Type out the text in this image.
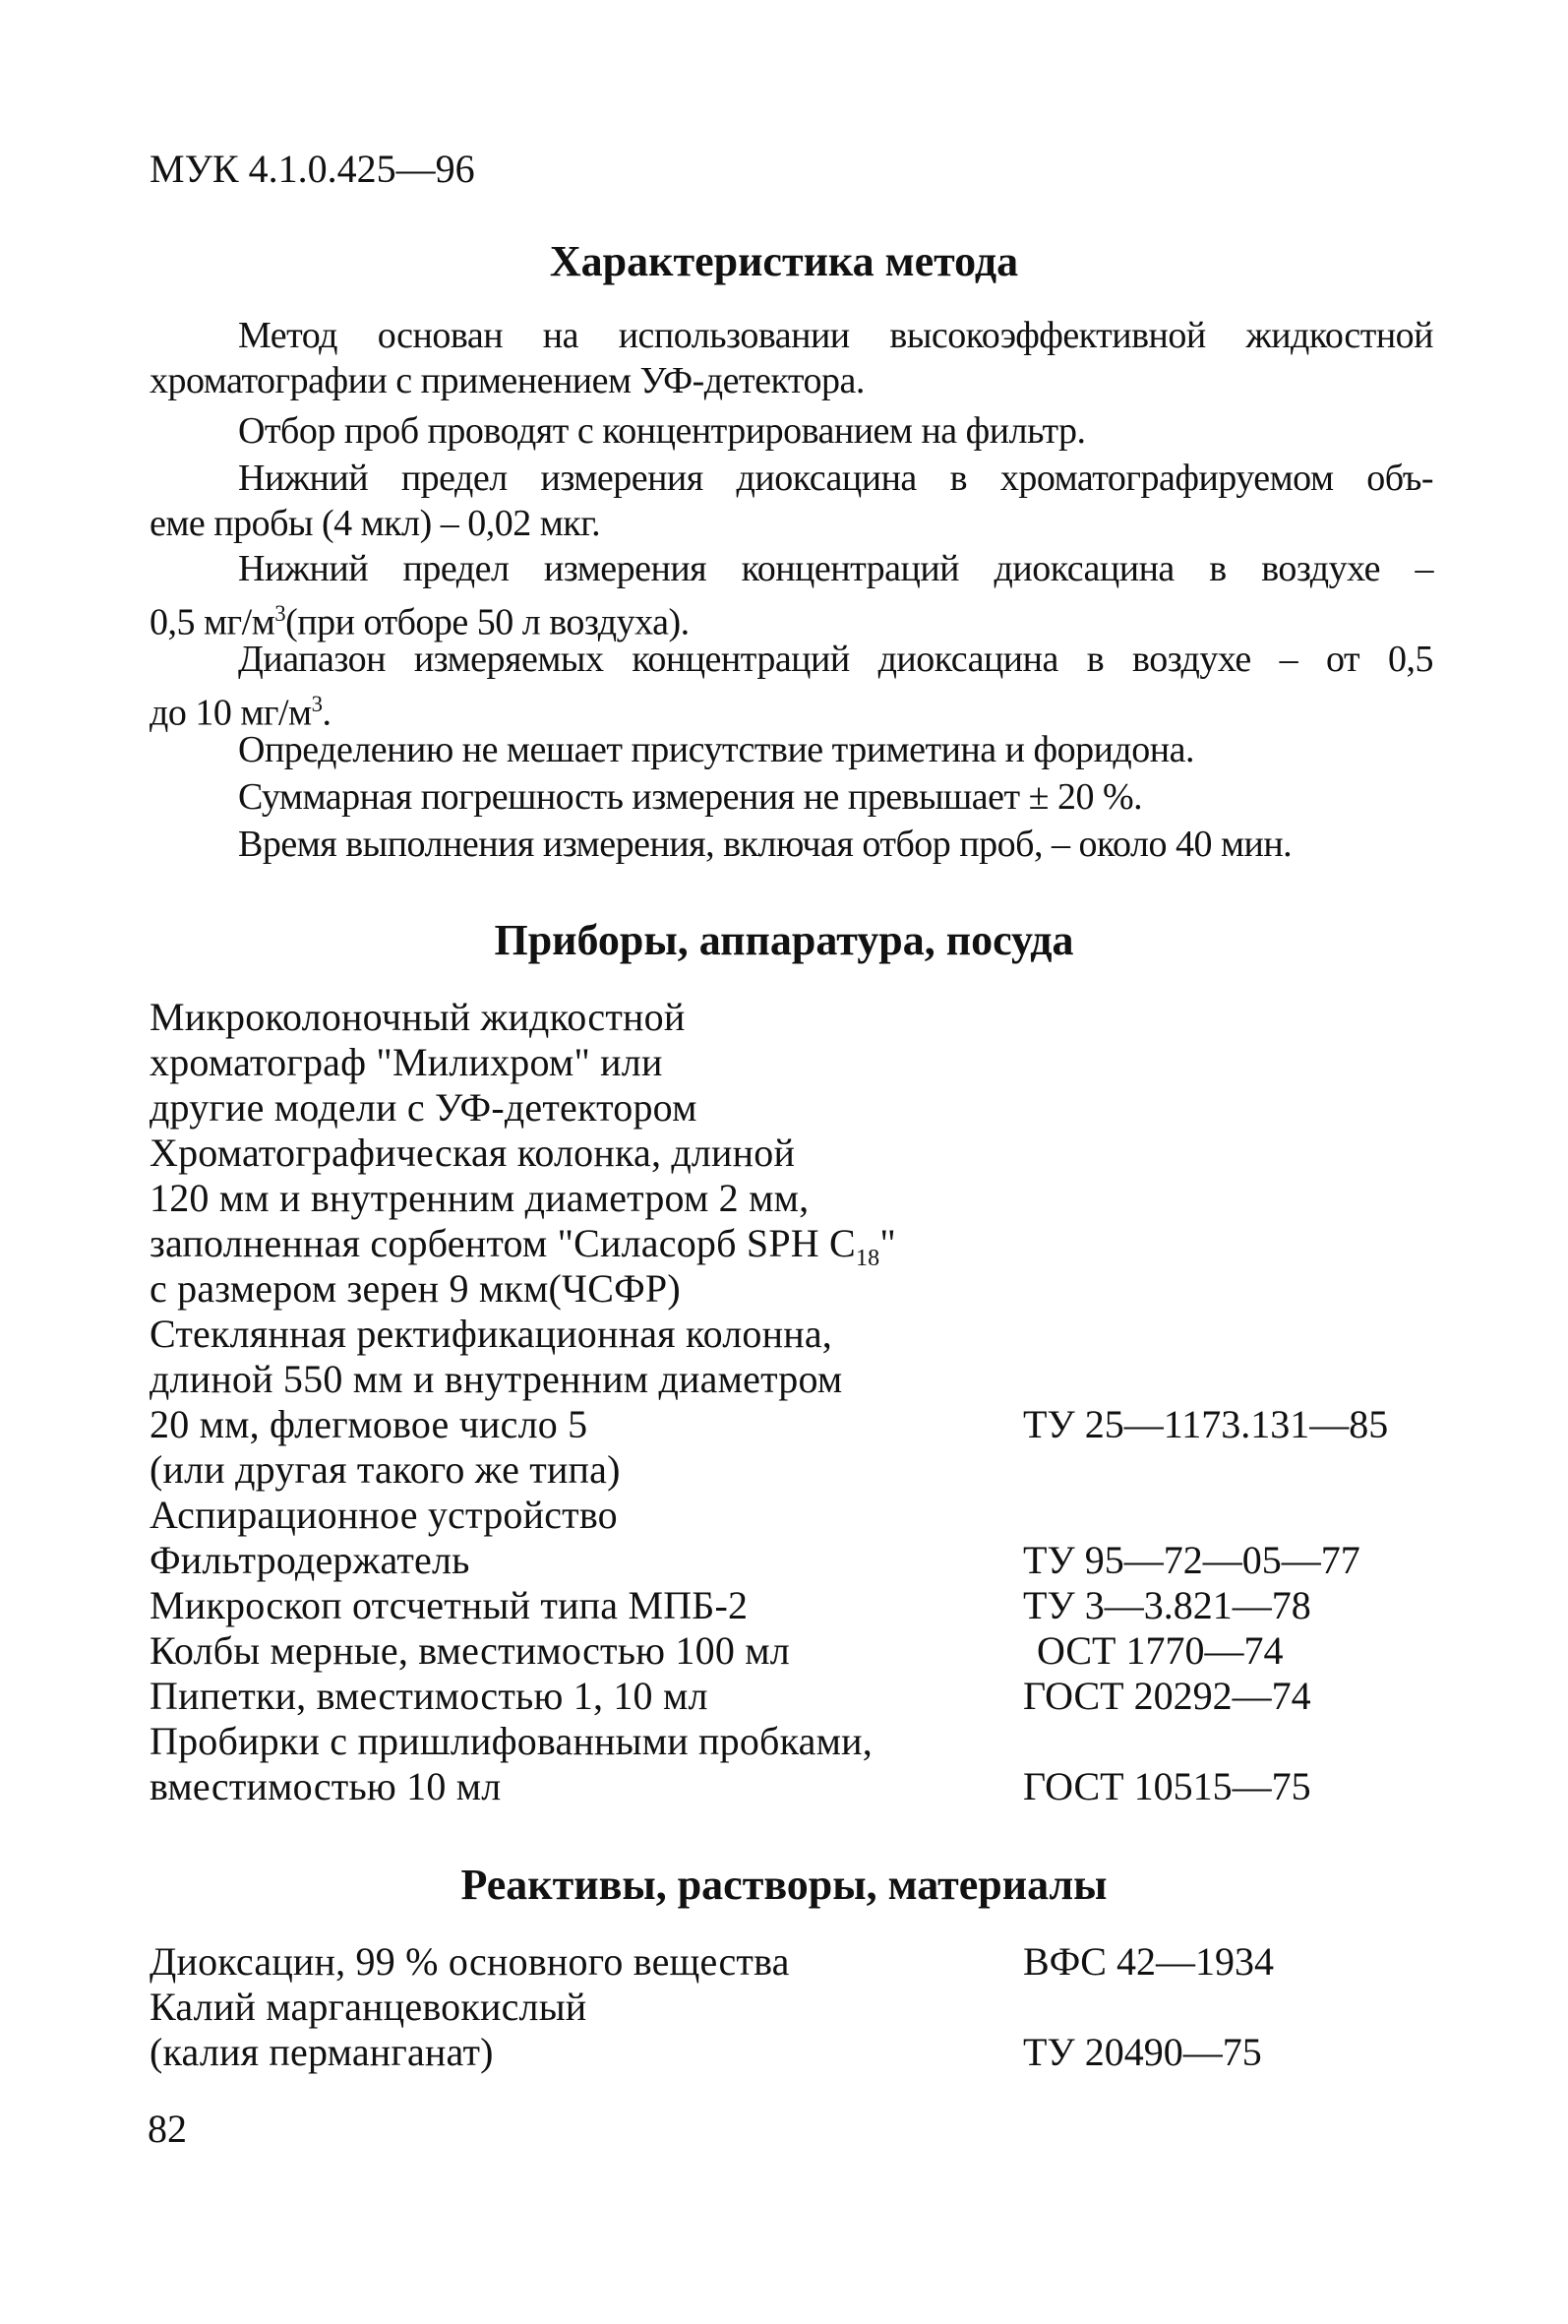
МУК 4.1.0.425—96
Характеристика метода

Метод основан на использовании высокоэффективной жидкостной
хроматографии с применением УФ-детектора.

Отбор проб проводят с концентрированием на фильтр.

Нижний предел измерения диоксацина в хроматографируемом объ-
еме пробы (4 мкл) – 0,02 мкг.

Нижний предел измерения концентраций диоксацина в воздухе –
0,5 $мг/м^3(при$ отборе 50 л воздуха).

Диапазон измеряемых концентраций диоксацина в воздухе – от 0,5
до 10 $мг/м^3$.

Определению не мешает присутствие триметина и форидона.

Суммарная погрешность измерения не превышает ± 20 %.

Время выполнения измерения, включая отбор проб, – около 40 мин.

Приборы, аппаратура, посуда
Микроколоночный жидкостной
хроматограф "Милихром" или
другие модели с УФ-детектором
Хроматографическая колонка, длиной
120 мм и внутренним диаметром 2 мм,
заполненная сорбентом "Силасорб SPH $C_{18}$"
с размером зерен 9 мкм(ЧСФР)
Стеклянная ректификационная колонна,
длиной 550 мм и внутренним диаметром
20 мм, флегмовое число 5	ТУ 25—1173.131—85
(или другая такого же типа)
Аспирационное устройство
Фильтродержатель	ТУ 95—72—05—77
Микроскоп отсчетный типа МПБ-2	ТУ 3—3.821—78
Колбы мерные, вместимостью 100 мл	ОСТ 1770—74
Пипетки, вместимостью 1, 10 мл	ГОСТ 20292—74
Пробирки с пришлифованными пробками,
вместимостью 10 мл	ГОСТ 10515—75
Реактивы, растворы, материалы
Диоксацин, 99 % основного вещества	ВФС 42—1934
Калий марганцевокислый
(калия перманганат)	ТУ 20490—75
82
